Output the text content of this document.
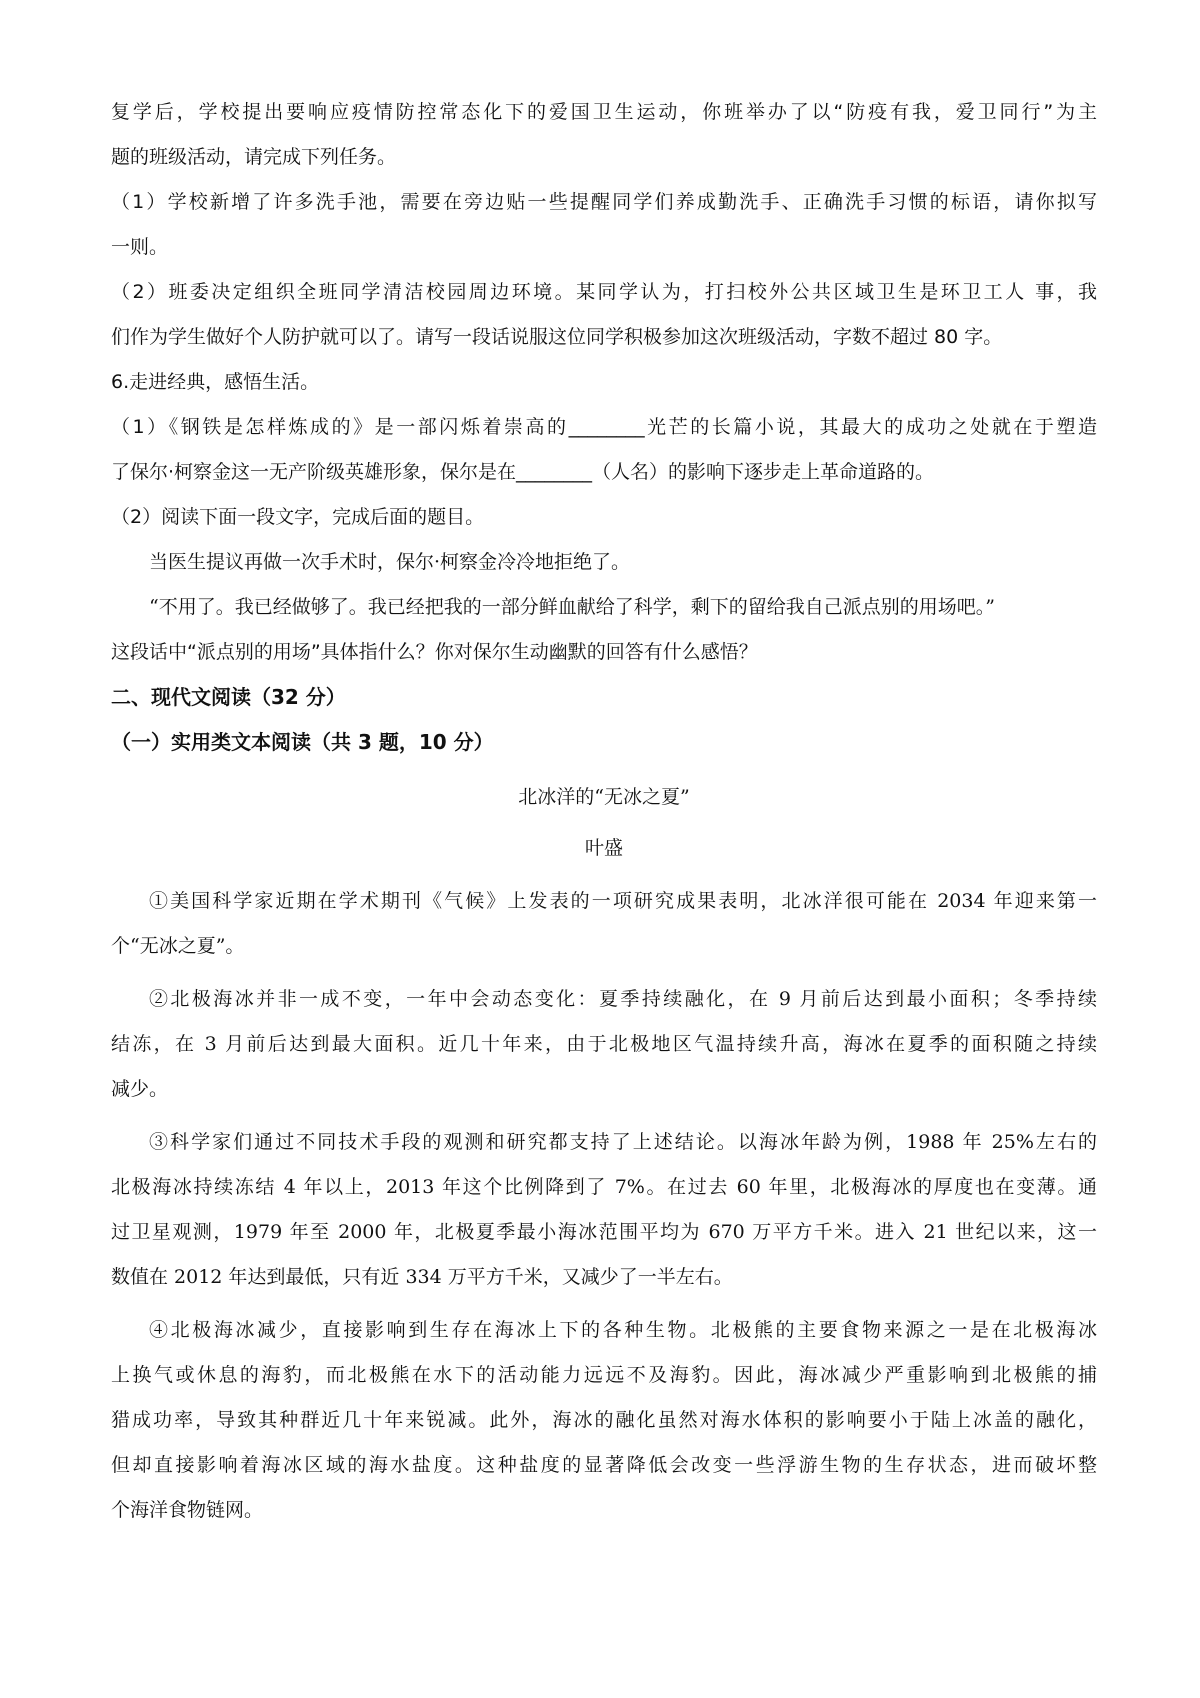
复学后，学校提出要响应疫情防控常态化下的爱国卫生运动，你班举办了以“防疫有我，爱卫同行”为主

题的班级活动，请完成下列任务。

（1）学校新增了许多洗手池，需要在旁边贴一些提醒同学们养成勤洗手、正确洗手习惯的标语，请你拟写

一则。

（2）班委决定组织全班同学清洁校园周边环境。某同学认为，打扫校外公共区域卫生是环卫工人 事，我

们作为学生做好个人防护就可以了。请写一段话说服这位同学积极参加这次班级活动，字数不超过 80 字。

6.走进经典，感悟生活。

（1）《钢铁是怎样炼成的》是一部闪烁着崇高的________光芒的长篇小说，其最大的成功之处就在于塑造

了保尔·柯察金这一无产阶级英雄形象，保尔是在________（人名）的影响下逐步走上革命道路的。

（2）阅读下面一段文字，完成后面的题目。

当医生提议再做一次手术时，保尔·柯察金冷冷地拒绝了。

“不用了。我已经做够了。我已经把我的一部分鲜血献给了科学，剩下的留给我自己派点别的用场吧。”

这段话中“派点别的用场”具体指什么？你对保尔生动幽默的回答有什么感悟？

二、现代文阅读（32 分）

（一）实用类文本阅读（共 3 题，10 分）

北冰洋的“无冰之夏”

叶盛

①美国科学家近期在学术期刊《气候》上发表的一项研究成果表明，北冰洋很可能在 2034 年迎来第一

个“无冰之夏”。

②北极海冰并非一成不变，一年中会动态变化：夏季持续融化，在 9 月前后达到最小面积；冬季持续

结冻，在 3 月前后达到最大面积。近几十年来，由于北极地区气温持续升高，海冰在夏季的面积随之持续

减少。

③科学家们通过不同技术手段的观测和研究都支持了上述结论。以海冰年龄为例，1988 年 25%左右的

北极海冰持续冻结 4 年以上，2013 年这个比例降到了 7%。在过去 60 年里，北极海冰的厚度也在变薄。通

过卫星观测，1979 年至 2000 年，北极夏季最小海冰范围平均为 670 万平方千米。进入 21 世纪以来，这一

数值在 2012 年达到最低，只有近 334 万平方千米，又减少了一半左右。

④北极海冰减少，直接影响到生存在海冰上下的各种生物。北极熊的主要食物来源之一是在北极海冰

上换气或休息的海豹，而北极熊在水下的活动能力远远不及海豹。因此，海冰减少严重影响到北极熊的捕

猎成功率，导致其种群近几十年来锐减。此外，海冰的融化虽然对海水体积的影响要小于陆上冰盖的融化，

但却直接影响着海冰区域的海水盐度。这种盐度的显著降低会改变一些浮游生物的生存状态，进而破坏整

个海洋食物链网。
